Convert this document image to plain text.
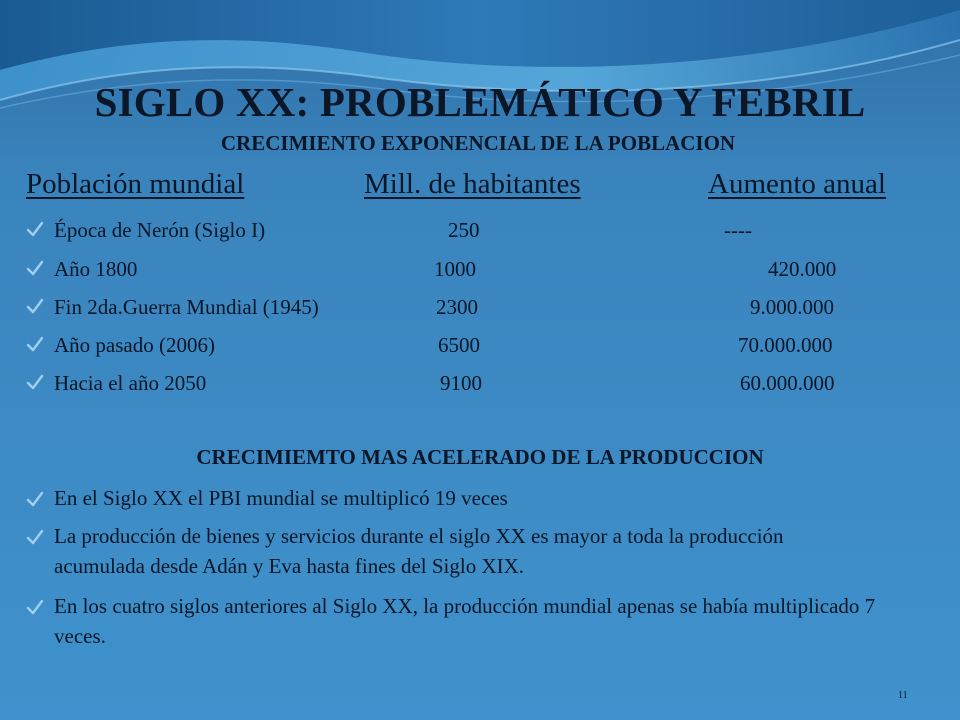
SIGLO XX: PROBLEMÁTICO Y FEBRIL
CRECIMIENTO EXPONENCIAL DE LA POBLACION
Población mundial	Mill. de habitantes	Aumento anual
Época de Nerón (Siglo I)	250	----
Año 1800	1000	420.000
Fin 2da.Guerra Mundial (1945)	2300	9.000.000
Año pasado (2006)	6500	70.000.000
Hacia el año 2050	9100	60.000.000
CRECIMIEMTO MAS ACELERADO DE LA PRODUCCION
En el Siglo XX el PBI mundial se multiplicó 19 veces
La producción de bienes y servicios durante el siglo XX es mayor a toda la producción acumulada desde Adán y Eva hasta fines del Siglo XIX.
En los cuatro siglos anteriores al Siglo XX, la producción mundial apenas se había multiplicado 7 veces.
11
